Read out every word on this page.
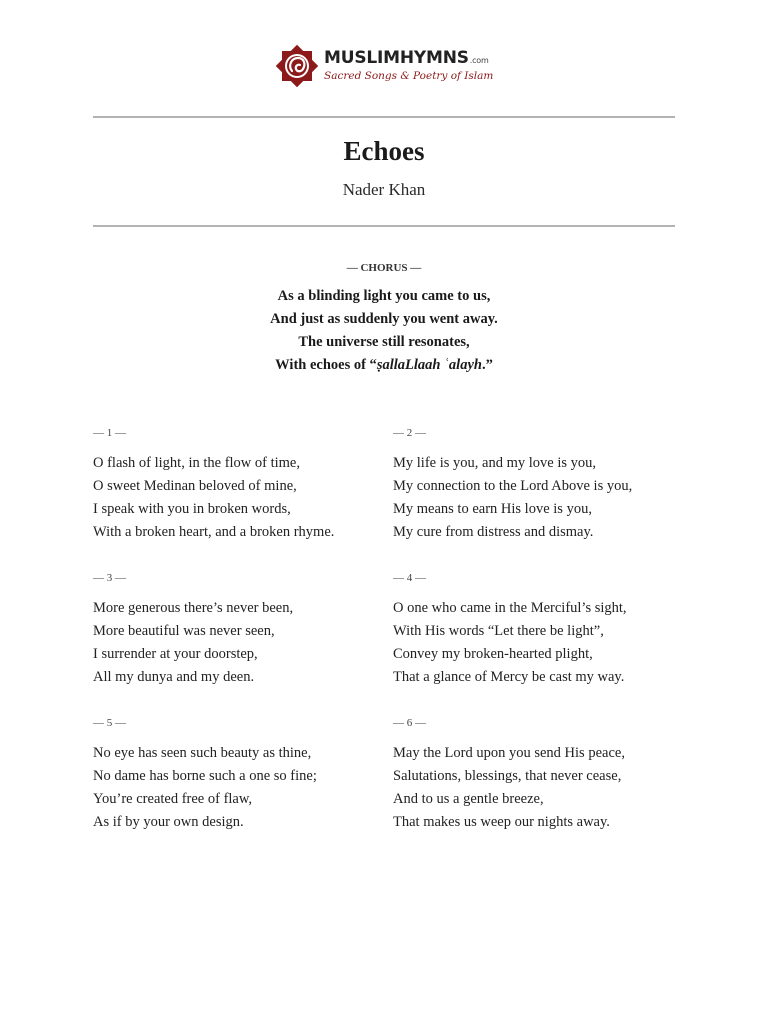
MUSLIMHYMNS.com
Sacred Songs & Poetry of Islam
Echoes
Nader Khan
— CHORUS —
As a blinding light you came to us,
And just as suddenly you went away.
The universe still resonates,
With echoes of “ṣallaLlaah ʿalayh.”
— 1 —
O flash of light, in the flow of time,
O sweet Medinan beloved of mine,
I speak with you in broken words,
With a broken heart, and a broken rhyme.
— 2 —
My life is you, and my love is you,
My connection to the Lord Above is you,
My means to earn His love is you,
My cure from distress and dismay.
— 3 —
More generous there’s never been,
More beautiful was never seen,
I surrender at your doorstep,
All my dunya and my deen.
— 4 —
O one who came in the Merciful’s sight,
With His words “Let there be light”,
Convey my broken-hearted plight,
That a glance of Mercy be cast my way.
— 5 —
No eye has seen such beauty as thine,
No dame has borne such a one so fine;
You’re created free of flaw,
As if by your own design.
— 6 —
May the Lord upon you send His peace,
Salutations, blessings, that never cease,
And to us a gentle breeze,
That makes us weep our nights away.
